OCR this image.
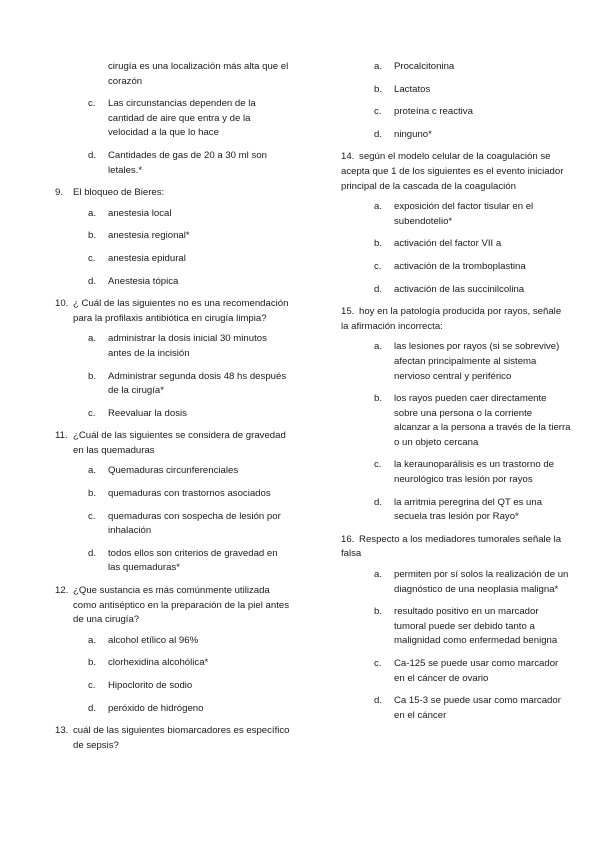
cirugía es una localización más alta que el corazón
c. Las circunstancias dependen de la cantidad de aire que entra y de la velocidad a la que lo hace
d. Cantidades de gas de 20 a 30 ml son letales.*
9. El bloqueo de Bieres:
a. anestesia local
b. anestesia regional*
c. anestesia epidural
d. Anestesia tópica
10. ¿ Cuál de las siguientes no es una recomendación para la profilaxis antibiótica en cirugía limpia?
a. administrar la dosis inicial 30 minutos antes de la incisión
b. Administrar segunda dosis 48 hs después de la cirugía*
c. Reevaluar la dosis
11. ¿Cuál de las siguientes se considera de gravedad en las quemaduras
a. Quemaduras circunferenciales
b. quemaduras con trastornos asociados
c. quemaduras con sospecha de lesión por inhalación
d. todos ellos son criterios de gravedad en las quemaduras*
12. ¿Que sustancia es más comúnmente utilizada como antiséptico en la preparación de la piel antes de una cirugía?
a. alcohol etílico al 96%
b. clorhexidina alcohólica*
c. Hipoclorito de sodio
d. peróxido de hidrógeno
13. cuál de las siguientes biomarcadores es específico de sepsis?
a. Procalcitonina
b. Lactatos
c. proteína c reactiva
d. ninguno*
14. según el modelo celular de la coagulación se acepta que 1 de los siguientes es el evento iniciador principal de la cascada de la coagulación
a. exposición del factor tisular en el subendotelio*
b. activación del factor VII a
c. activación de la tromboplastina
d. activación de las succinilcolina
15. hoy en la patología producida por rayos, señale la afirmación incorrecta:
a. las lesiones por rayos (si se sobrevive) afectan principalmente al sistema nervioso central y periférico
b. los rayos pueden caer directamente sobre una persona o la corriente alcanzar a la persona a través de la tierra o un objeto cercana
c. la keraunoparálisis es un trastorno de neurológico tras lesión por rayos
d. la arritmia peregrina del QT es una secuela tras lesión por Rayo*
16. Respecto a los mediadores tumorales señale la falsa
a. permiten por sí solos la realización de un diagnóstico de una neoplasia maligna*
b. resultado positivo en un marcador tumoral puede ser debido tanto a malignidad como enfermedad benigna
c. Ca-125 se puede usar como marcador en el cáncer de ovario
d. Ca 15-3 se puede usar como marcador en el cáncer
